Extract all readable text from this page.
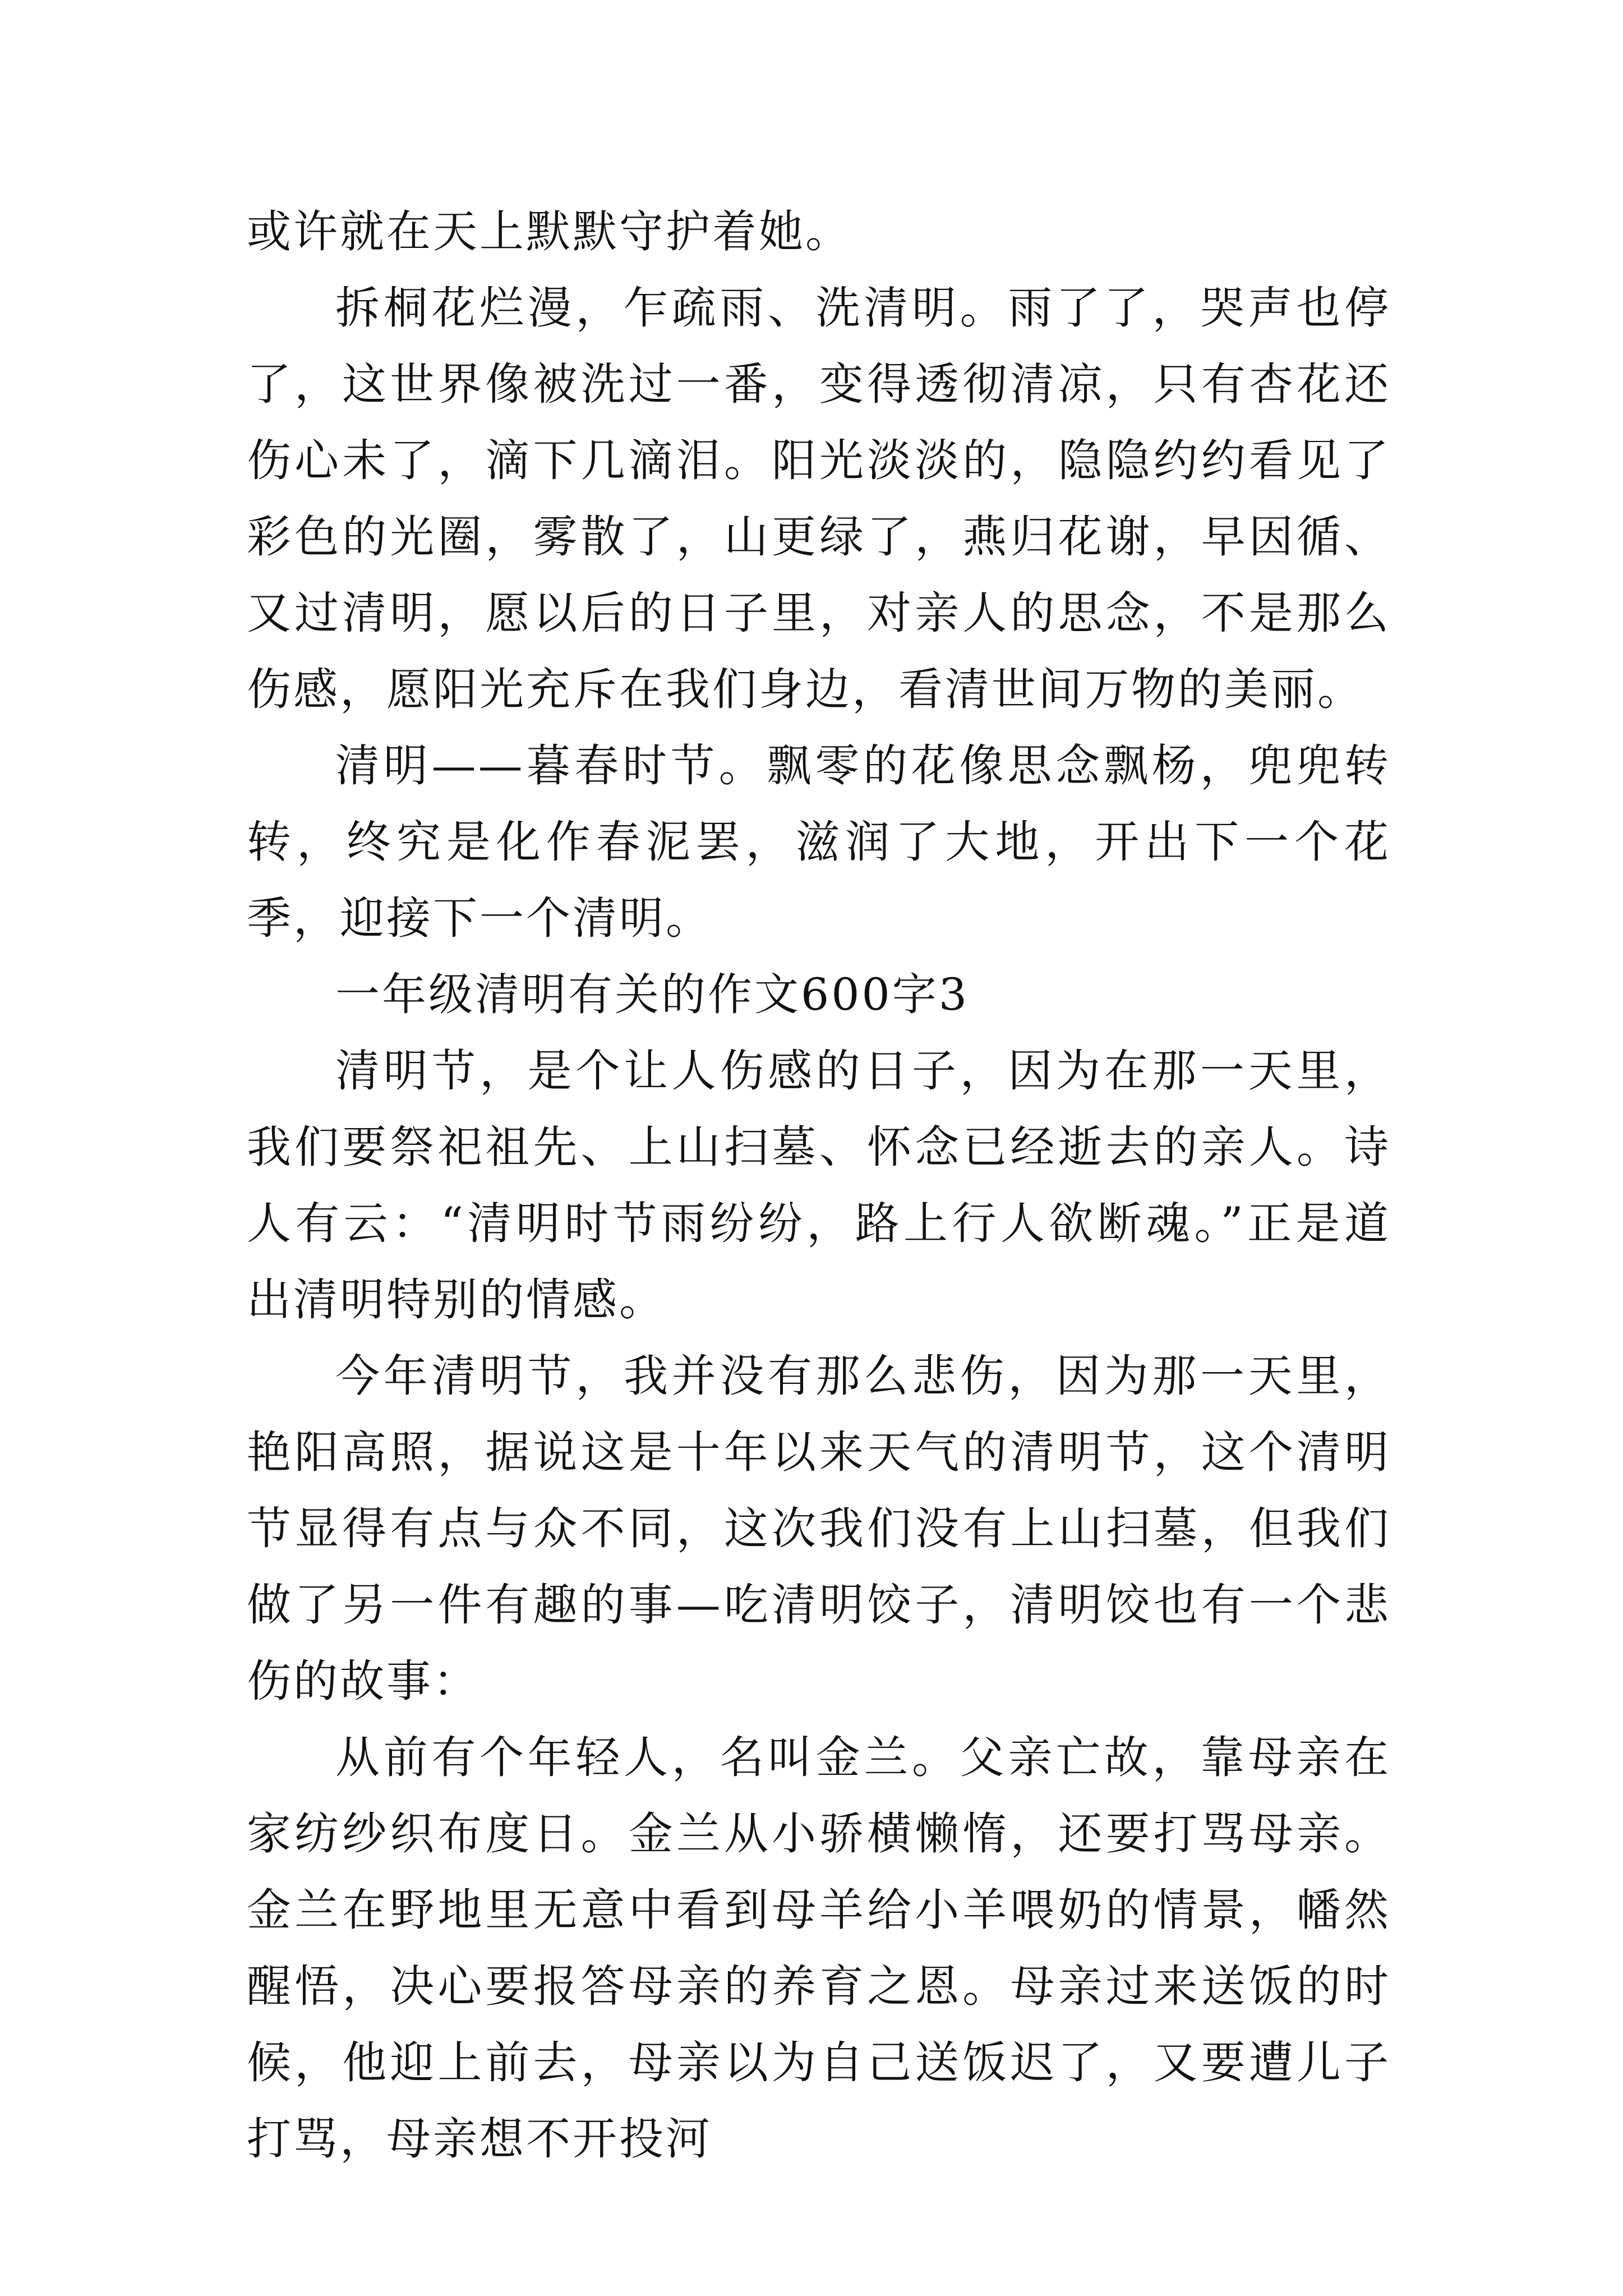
或许就在天上默默守护着她。

拆桐花烂漫，乍疏雨、洗清明。雨了了，哭声也停了，这世界像被洗过一番，变得透彻清凉，只有杏花还伤心未了，滴下几滴泪。阳光淡淡的，隐隐约约看见了彩色的光圈，雾散了，山更绿了，燕归花谢，早因循、又过清明，愿以后的日子里，对亲人的思念，不是那么伤感，愿阳光充斥在我们身边，看清世间万物的美丽。

清明——暮春时节。飘零的花像思念飘杨，兜兜转转，终究是化作春泥罢，滋润了大地，开出下一个花季，迎接下一个清明。

一年级清明有关的作文600字3

清明节，是个让人伤感的日子，因为在那一天里，我们要祭祀祖先、上山扫墓、怀念已经逝去的亲人。诗人有云：“清明时节雨纷纷，路上行人欲断魂。”正是道出清明特别的情感。

今年清明节，我并没有那么悲伤，因为那一天里，艳阳高照，据说这是十年以来天气的清明节，这个清明节显得有点与众不同，这次我们没有上山扫墓，但我们做了另一件有趣的事—吃清明饺子，清明饺也有一个悲伤的故事：

从前有个年轻人，名叫金兰。父亲亡故，靠母亲在家纺纱织布度日。金兰从小骄横懒惰，还要打骂母亲。金兰在野地里无意中看到母羊给小羊喂奶的情景，幡然醒悟，决心要报答母亲的养育之恩。母亲过来送饭的时候，他迎上前去，母亲以为自己送饭迟了，又要遭儿子打骂，母亲想不开投河
